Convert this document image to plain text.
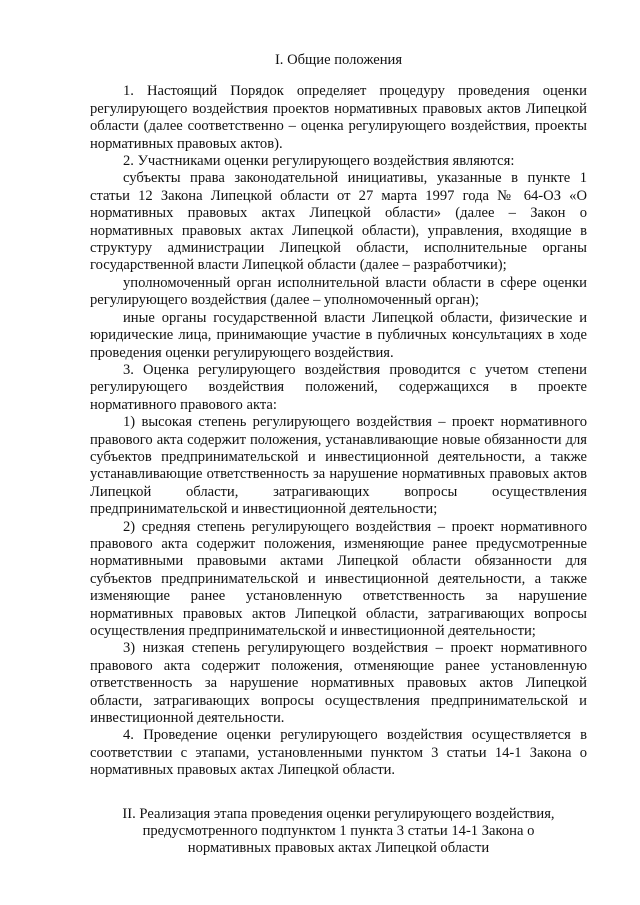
I. Общие положения

1. Настоящий Порядок определяет процедуру проведения оценки регулирующего воздействия проектов нормативных правовых актов Липецкой области (далее соответственно – оценка регулирующего воздействия, проекты нормативных правовых актов).

2. Участниками оценки регулирующего воздействия являются:

субъекты права законодательной инициативы, указанные в пункте 1 статьи 12 Закона Липецкой области от 27 марта 1997 года № 64-ОЗ «О нормативных правовых актах Липецкой области» (далее – Закон о нормативных правовых актах Липецкой области), управления, входящие в структуру администрации Липецкой области, исполнительные органы государственной власти Липецкой области (далее – разработчики);

уполномоченный орган исполнительной власти области в сфере оценки регулирующего воздействия (далее – уполномоченный орган);

иные органы государственной власти Липецкой области, физические и юридические лица, принимающие участие в публичных консультациях в ходе проведения оценки регулирующего воздействия.

3. Оценка регулирующего воздействия проводится с учетом степени регулирующего воздействия положений, содержащихся в проекте нормативного правового акта:

1) высокая степень регулирующего воздействия – проект нормативного правового акта содержит положения, устанавливающие новые обязанности для субъектов предпринимательской и инвестиционной деятельности, а также устанавливающие ответственность за нарушение нормативных правовых актов Липецкой области, затрагивающих вопросы осуществления предпринимательской и инвестиционной деятельности;

2) средняя степень регулирующего воздействия – проект нормативного правового акта содержит положения, изменяющие ранее предусмотренные нормативными правовыми актами Липецкой области обязанности для субъектов предпринимательской и инвестиционной деятельности, а также изменяющие ранее установленную ответственность за нарушение нормативных правовых актов Липецкой области, затрагивающих вопросы осуществления предпринимательской и инвестиционной деятельности;

3) низкая степень регулирующего воздействия – проект нормативного правового акта содержит положения, отменяющие ранее установленную ответственность за нарушение нормативных правовых актов Липецкой области, затрагивающих вопросы осуществления предпринимательской и инвестиционной деятельности.

4. Проведение оценки регулирующего воздействия осуществляется в соответствии с этапами, установленными пунктом 3 статьи 14-1 Закона о нормативных правовых актах Липецкой области.

II. Реализация этапа проведения оценки регулирующего воздействия,
предусмотренного подпунктом 1 пункта 3 статьи 14-1 Закона о
нормативных правовых актах Липецкой области
